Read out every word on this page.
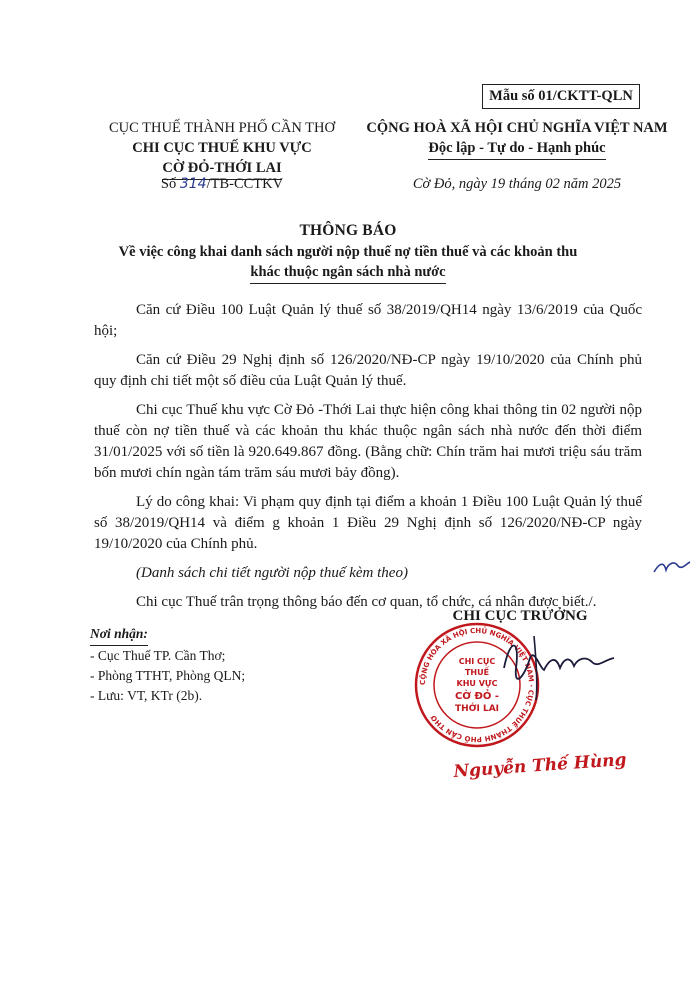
Mẫu số 01/CKTT-QLN
CỤC THUẾ THÀNH PHỐ CẦN THƠ
CHI CỤC THUẾ KHU VỰC
CỜ ĐỎ-THỚI LAI
CỘNG HOÀ XÃ HỘI CHỦ NGHĨA VIỆT NAM
Độc lập - Tự do - Hạnh phúc
Số 314/TB-CCTKV	Cờ Đỏ, ngày 19 tháng 02 năm 2025
THÔNG BÁO
Về việc công khai danh sách người nộp thuế nợ tiền thuế và các khoản thu
khác thuộc ngân sách nhà nước

Căn cứ Điều 100 Luật Quản lý thuế số 38/2019/QH14 ngày 13/6/2019 của Quốc hội;

Căn cứ Điều 29 Nghị định số 126/2020/NĐ-CP ngày 19/10/2020 của Chính phủ quy định chi tiết một số điều của Luật Quản lý thuế.

Chi cục Thuế khu vực Cờ Đỏ -Thới Lai thực hiện công khai thông tin 02 người nộp thuế còn nợ tiền thuế và các khoản thu khác thuộc ngân sách nhà nước đến thời điểm 31/01/2025 với số tiền là 920.649.867 đồng. (Bằng chữ: Chín trăm hai mươi triệu sáu trăm bốn mươi chín ngàn tám trăm sáu mươi bảy đồng).

Lý do công khai: Vi phạm quy định tại điểm a khoản 1 Điều 100 Luật Quản lý thuế số 38/2019/QH14 và điểm g khoản 1 Điều 29 Nghị định số 126/2020/NĐ-CP ngày 19/10/2020 của Chính phủ.

(Danh sách chi tiết người nộp thuế kèm theo)

Chi cục Thuế trân trọng thông báo đến cơ quan, tổ chức, cá nhân được biết./.

Nơi nhận:
- Cục Thuế TP. Cần Thơ;
- Phòng TTHT, Phòng QLN;
- Lưu: VT, KTr (2b).
CHI CỤC TRƯỞNG
CỘNG HÒA XÃ HỘI CHỦ NGHĨA VIỆT NAM · CỤC THUẾ THÀNH PHỐ CẦN THƠ
CHI CỤC
THUẾ
KHU VỰC
CỜ ĐỎ -
THỚI LAI
Nguyễn Thế Hùng
